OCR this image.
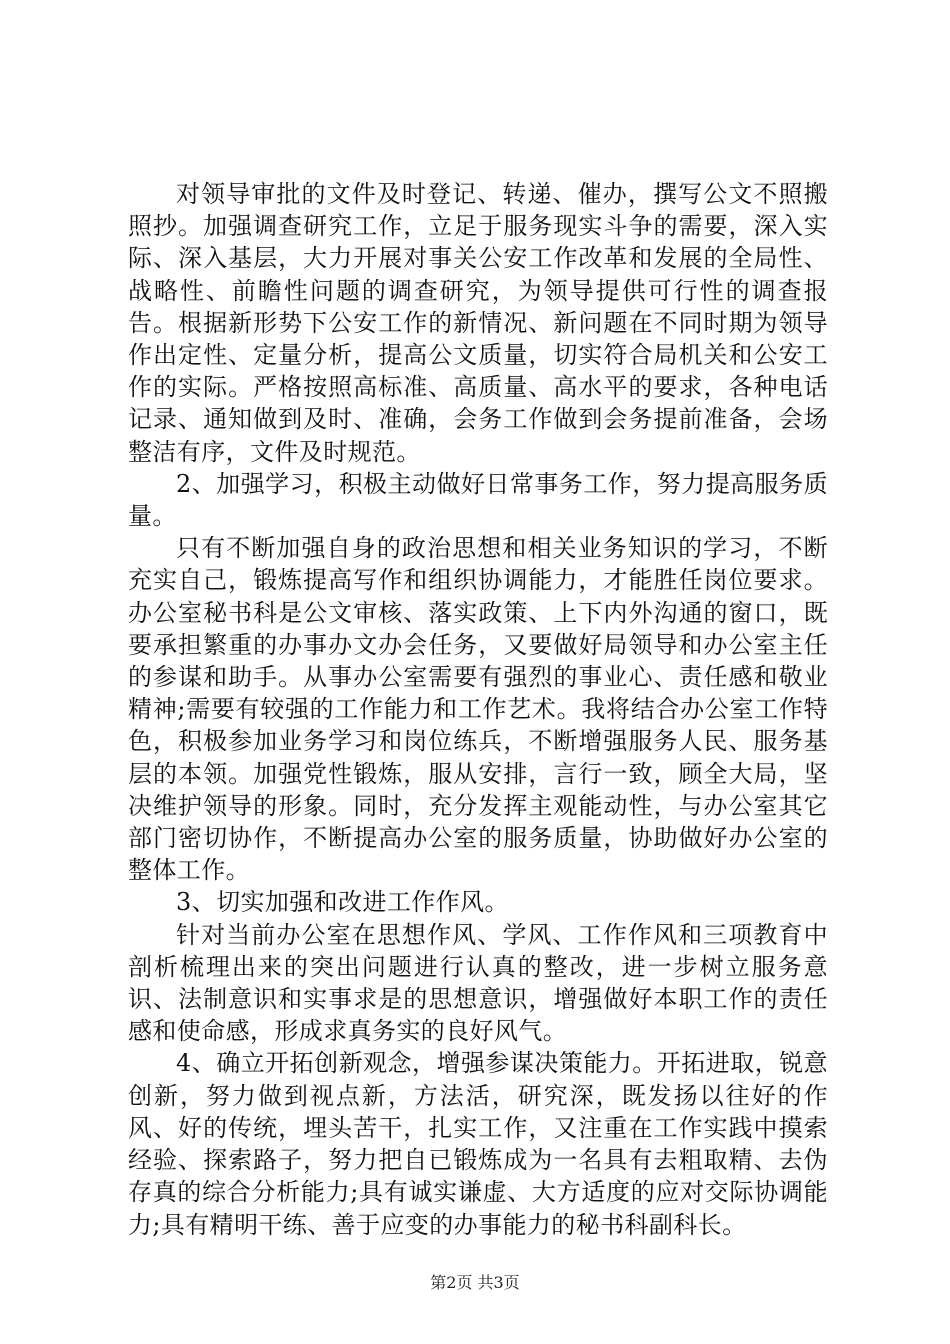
对领导审批的文件及时登记、转递、催办，撰写公文不照搬照抄。加强调查研究工作，立足于服务现实斗争的需要，深入实际、深入基层，大力开展对事关公安工作改革和发展的全局性、战略性、前瞻性问题的调查研究，为领导提供可行性的调查报告。根据新形势下公安工作的新情况、新问题在不同时期为领导作出定性、定量分析，提高公文质量，切实符合局机关和公安工作的实际。严格按照高标准、高质量、高水平的要求，各种电话记录、通知做到及时、准确，会务工作做到会务提前准备，会场整洁有序，文件及时规范。

2、加强学习，积极主动做好日常事务工作，努力提高服务质量。

只有不断加强自身的政治思想和相关业务知识的学习，不断充实自己，锻炼提高写作和组织协调能力，才能胜任岗位要求。办公室秘书科是公文审核、落实政策、上下内外沟通的窗口，既要承担繁重的办事办文办会任务，又要做好局领导和办公室主任的参谋和助手。从事办公室需要有强烈的事业心、责任感和敬业精神;需要有较强的工作能力和工作艺术。我将结合办公室工作特色，积极参加业务学习和岗位练兵，不断增强服务人民、服务基层的本领。加强党性锻炼，服从安排，言行一致，顾全大局，坚决维护领导的形象。同时，充分发挥主观能动性，与办公室其它部门密切协作，不断提高办公室的服务质量，协助做好办公室的整体工作。

3、切实加强和改进工作作风。

针对当前办公室在思想作风、学风、工作作风和三项教育中剖析梳理出来的突出问题进行认真的整改，进一步树立服务意识、法制意识和实事求是的思想意识，增强做好本职工作的责任感和使命感，形成求真务实的良好风气。

4、确立开拓创新观念，增强参谋决策能力。开拓进取，锐意创新，努力做到视点新，方法活，研究深，既发扬以往好的作风、好的传统，埋头苦干，扎实工作，又注重在工作实践中摸索经验、探索路子，努力把自已锻炼成为一名具有去粗取精、去伪存真的综合分析能力;具有诚实谦虚、大方适度的应对交际协调能力;具有精明干练、善于应变的办事能力的秘书科副科长。

第2页 共3页
